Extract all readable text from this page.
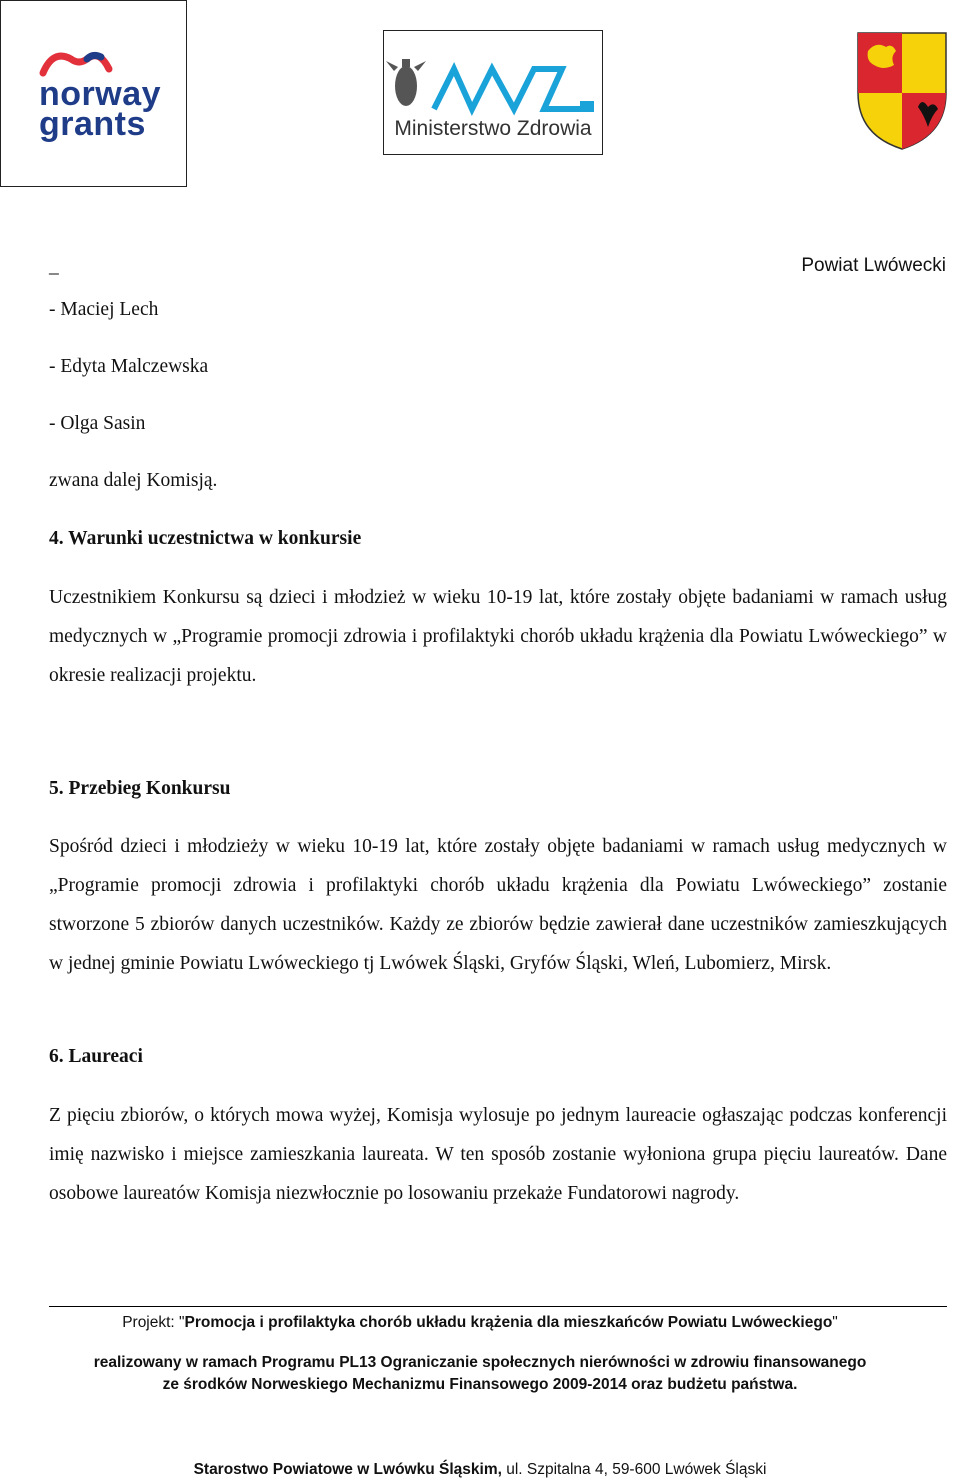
norway
grants	Ministerstwo Zdrowia
_	Powiat Lwówecki
- Maciej Lech
- Edyta Malczewska
- Olga Sasin
zwana dalej Komisją.
4. Warunki uczestnictwa w konkursie
Uczestnikiem Konkursu są dzieci i młodzież w wieku 10-19 lat, które zostały objęte badaniami w ramach usług medycznych w „Programie promocji zdrowia i profilaktyki chorób układu krążenia dla Powiatu Lwóweckiego” w okresie realizacji projektu.
5. Przebieg Konkursu
Spośród dzieci i młodzieży w wieku 10-19 lat, które zostały objęte badaniami w ramach usług medycznych w „Programie promocji zdrowia i profilaktyki chorób układu krążenia dla Powiatu Lwóweckiego” zostanie stworzone 5 zbiorów danych uczestników. Każdy ze zbiorów będzie zawierał dane uczestników zamieszkujących w jednej gminie Powiatu Lwóweckiego tj Lwówek Śląski, Gryfów Śląski, Wleń, Lubomierz, Mirsk.
6. Laureaci
Z pięciu zbiorów, o których mowa wyżej, Komisja wylosuje po jednym laureacie ogłaszając podczas konferencji imię nazwisko i miejsce zamieszkania laureata. W ten sposób zostanie wyłoniona grupa pięciu laureatów. Dane osobowe laureatów Komisja niezwłocznie po losowaniu przekaże Fundatorowi nagrody.
Projekt: "Promocja i profilaktyka chorób układu krążenia dla mieszkańców Powiatu Lwóweckiego"
realizowany w ramach Programu PL13 Ograniczanie społecznych nierówności w zdrowiu finansowanego
ze środków Norweskiego Mechanizmu Finansowego 2009-2014 oraz budżetu państwa.
Starostwo Powiatowe w Lwówku Śląskim, ul. Szpitalna 4, 59-600 Lwówek Śląski
